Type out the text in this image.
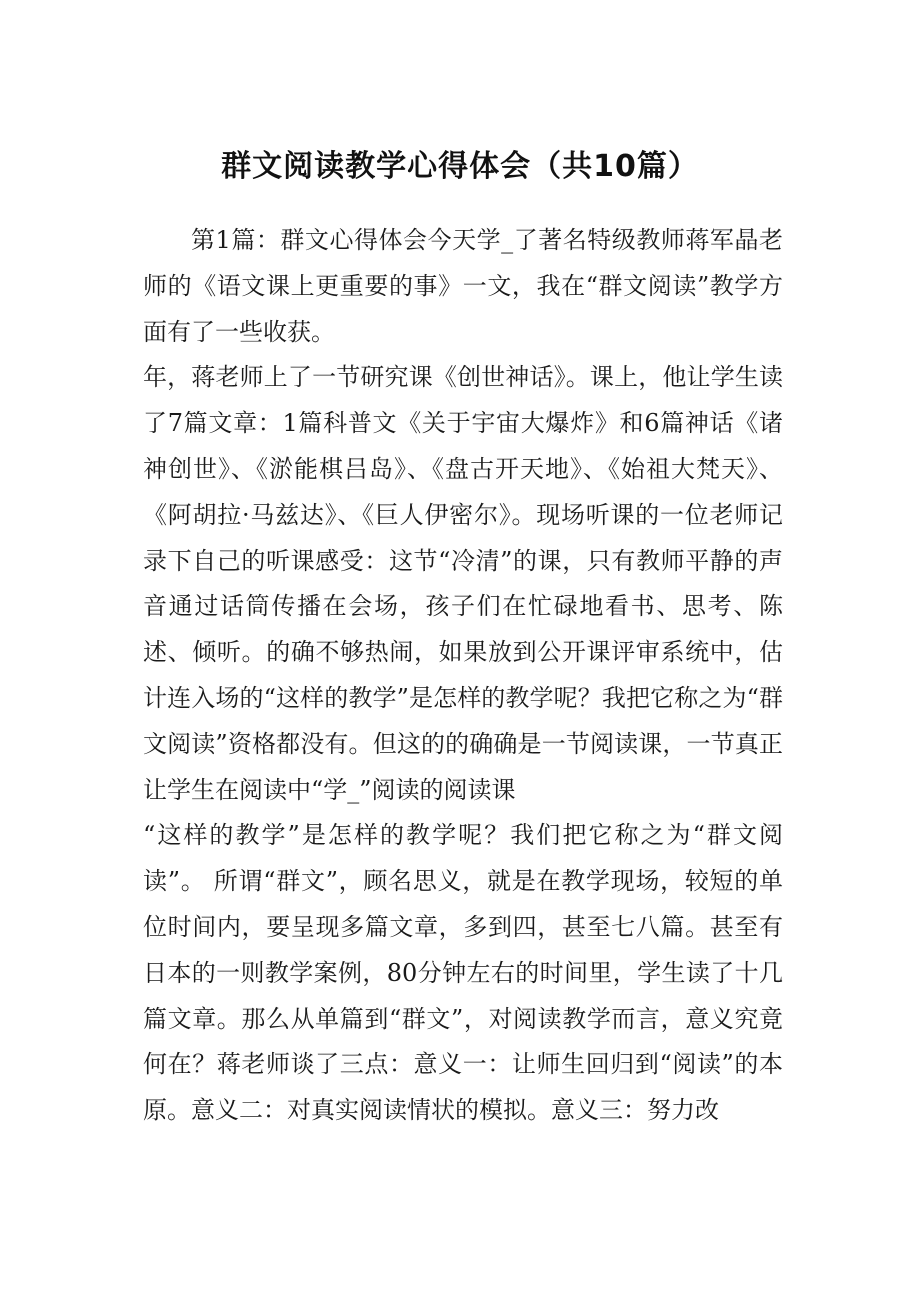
群文阅读教学心得体会（共10篇）

第1篇：群文心得体会今天学_了著名特级教师蒋军晶老师的《语文课上更重要的事》一文，我在“群文阅读”教学方面有了一些收获。

年，蒋老师上了一节研究课《创世神话》。课上，他让学生读了7篇文章：1篇科普文《关于宇宙大爆炸》和6篇神话《诸神创世》、《淤能棋吕岛》、《盘古开天地》、《始祖大梵天》、《阿胡拉·马兹达》、《巨人伊密尔》。现场听课的一位老师记录下自己的听课感受：这节“冷清”的课，只有教师平静的声音通过话筒传播在会场，孩子们在忙碌地看书、思考、陈述、倾听。的确不够热闹，如果放到公开课评审系统中，估计连入场的“这样的教学”是怎样的教学呢？我把它称之为“群文阅读”资格都没有。但这的的确确是一节阅读课，一节真正让学生在阅读中“学_”阅读的阅读课

“这样的教学”是怎样的教学呢？我们把它称之为“群文阅读”。 所谓“群文”，顾名思义，就是在教学现场，较短的单位时间内，要呈现多篇文章，多到四，甚至七八篇。甚至有日本的一则教学案例，80分钟左右的时间里，学生读了十几篇文章。那么从单篇到“群文”，对阅读教学而言，意义究竟何在？蒋老师谈了三点：意义一：让师生回归到“阅读”的本原。意义二：对真实阅读情状的模拟。意义三：努力改
